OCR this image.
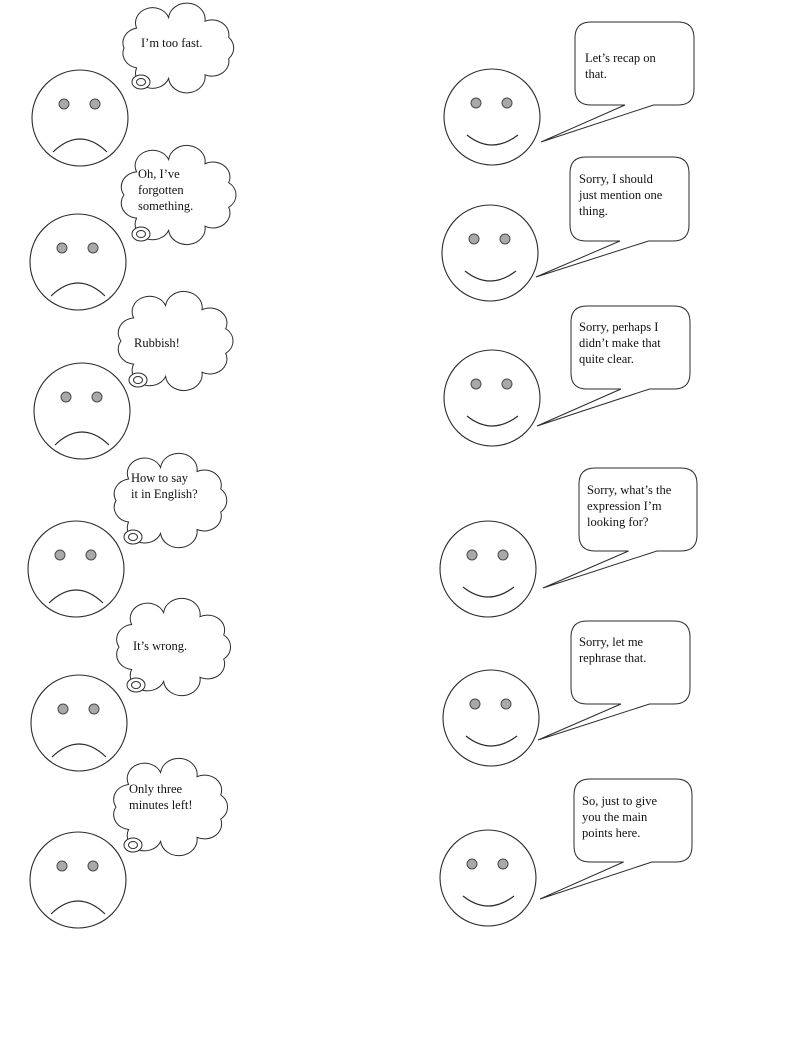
I’m too fast.
Let’s recap on that.
Oh, I’ve forgotten something.
Sorry, I should just mention one thing.
Rubbish!
Sorry, perhaps I didn’t make that quite clear.
How to say it in English?	Sorry, what’s the expression I’m looking for?
It’s wrong.	Sorry, let me rephrase that.
Only three minutes left!	So, just to give you the main points here.
